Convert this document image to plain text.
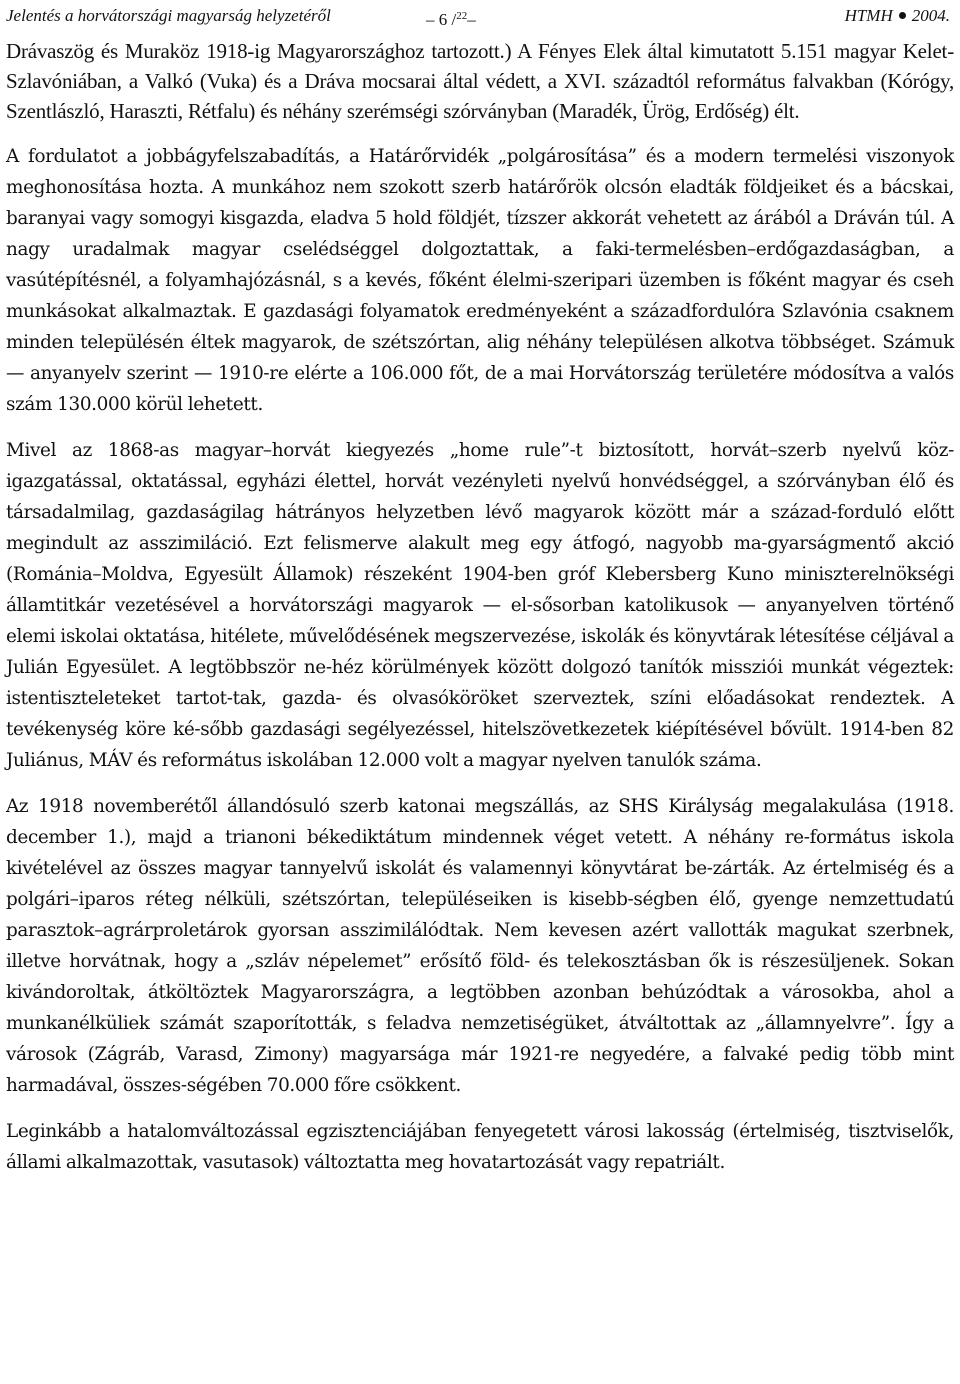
Jelentés a horvátországi magyarság helyzetéről	– 6 /$^{22}$–	HTMH 2004.

Drávaszög és Muraköz 1918-ig Magyarországhoz tartozott.) A Fényes Elek által kimutatott 5.151 magyar Kelet-Szlavóniában, a Valkó (Vuka) és a Dráva mocsarai által védett, a XVI. századtól református falvakban (Kórógy, Szentlászló, Haraszti, Rétfalu) és néhány szerémségi szórványban (Maradék, Ürög, Erdőség) élt.

A fordulatot a jobbágyfelszabadítás, a Határőrvidék „polgárosítása” és a modern termelési viszonyok meghonosítása hozta. A munkához nem szokott szerb határőrök olcsón eladták földjeiket és a bácskai, baranyai vagy somogyi kisgazda, eladva 5 hold földjét, tízszer akkorát vehetett az árából a Dráván túl. A nagy uradalmak magyar cselédséggel dolgoztattak, a faki-termelésben–erdőgazdaságban, a vasútépítésnél, a folyamhajózásnál, s a kevés, főként élelmi-szeripari üzemben is főként magyar és cseh munkásokat alkalmaztak. E gazdasági folyamatok eredményeként a századfordulóra Szlavónia csaknem minden településén éltek magyarok, de szétszórtan, alig néhány településen alkotva többséget. Számuk — anyanyelv szerint — 1910-re elérte a 106.000 főt, de a mai Horvátország területére módosítva a valós szám 130.000 körül lehetett.

Mivel az 1868-as magyar–horvát kiegyezés „home rule”-t biztosított, horvát–szerb nyelvű köz-igazgatással, oktatással, egyházi élettel, horvát vezényleti nyelvű honvédséggel, a szórványban élő és társadalmilag, gazdaságilag hátrányos helyzetben lévő magyarok között már a század-forduló előtt megindult az asszimiláció. Ezt felismerve alakult meg egy átfogó, nagyobb ma-gyarságmentő akció (Románia–Moldva, Egyesült Államok) részeként 1904-ben gróf Klebersberg Kuno miniszterelnökségi államtitkár vezetésével a horvátországi magyarok — el-sősorban katolikusok — anyanyelven történő elemi iskolai oktatása, hitélete, művelődésének megszervezése, iskolák és könyvtárak létesítése céljával a Julián Egyesület. A legtöbbször ne-héz körülmények között dolgozó tanítók missziói munkát végeztek: istentiszteleteket tartot-tak, gazda- és olvasóköröket szerveztek, színi előadásokat rendeztek. A tevékenység köre ké-sőbb gazdasági segélyezéssel, hitelszövetkezetek kiépítésével bővült. 1914-ben 82 Juliánus, MÁV és református iskolában 12.000 volt a magyar nyelven tanulók száma.

Az 1918 novemberétől állandósuló szerb katonai megszállás, az SHS Királyság megalakulása (1918. december 1.), majd a trianoni békediktátum mindennek véget vetett. A néhány re-formátus iskola kivételével az összes magyar tannyelvű iskolát és valamennyi könyvtárat be-zárták. Az értelmiség és a polgári–iparos réteg nélküli, szétszórtan, településeiken is kisebb-ségben élő, gyenge nemzettudatú parasztok–agrárproletárok gyorsan asszimilálódtak. Nem kevesen azért vallották magukat szerbnek, illetve horvátnak, hogy a „szláv népelemet” erősítő föld- és telekosztásban ők is részesüljenek. Sokan kivándoroltak, átköltöztek Magyarországra, a legtöbben azonban behúzódtak a városokba, ahol a munkanélküliek számát szaporították, s feladva nemzetiségüket, átváltottak az „államnyelvre”. Így a városok (Zágráb, Varasd, Zimony) magyarsága már 1921-re negyedére, a falvaké pedig több mint harmadával, összes-ségében 70.000 főre csökkent.

Leginkább a hatalomváltozással egzisztenciájában fenyegetett városi lakosság (értelmiség, tisztviselők, állami alkalmazottak, vasutasok) változtatta meg hovatartozását vagy repatriált.
